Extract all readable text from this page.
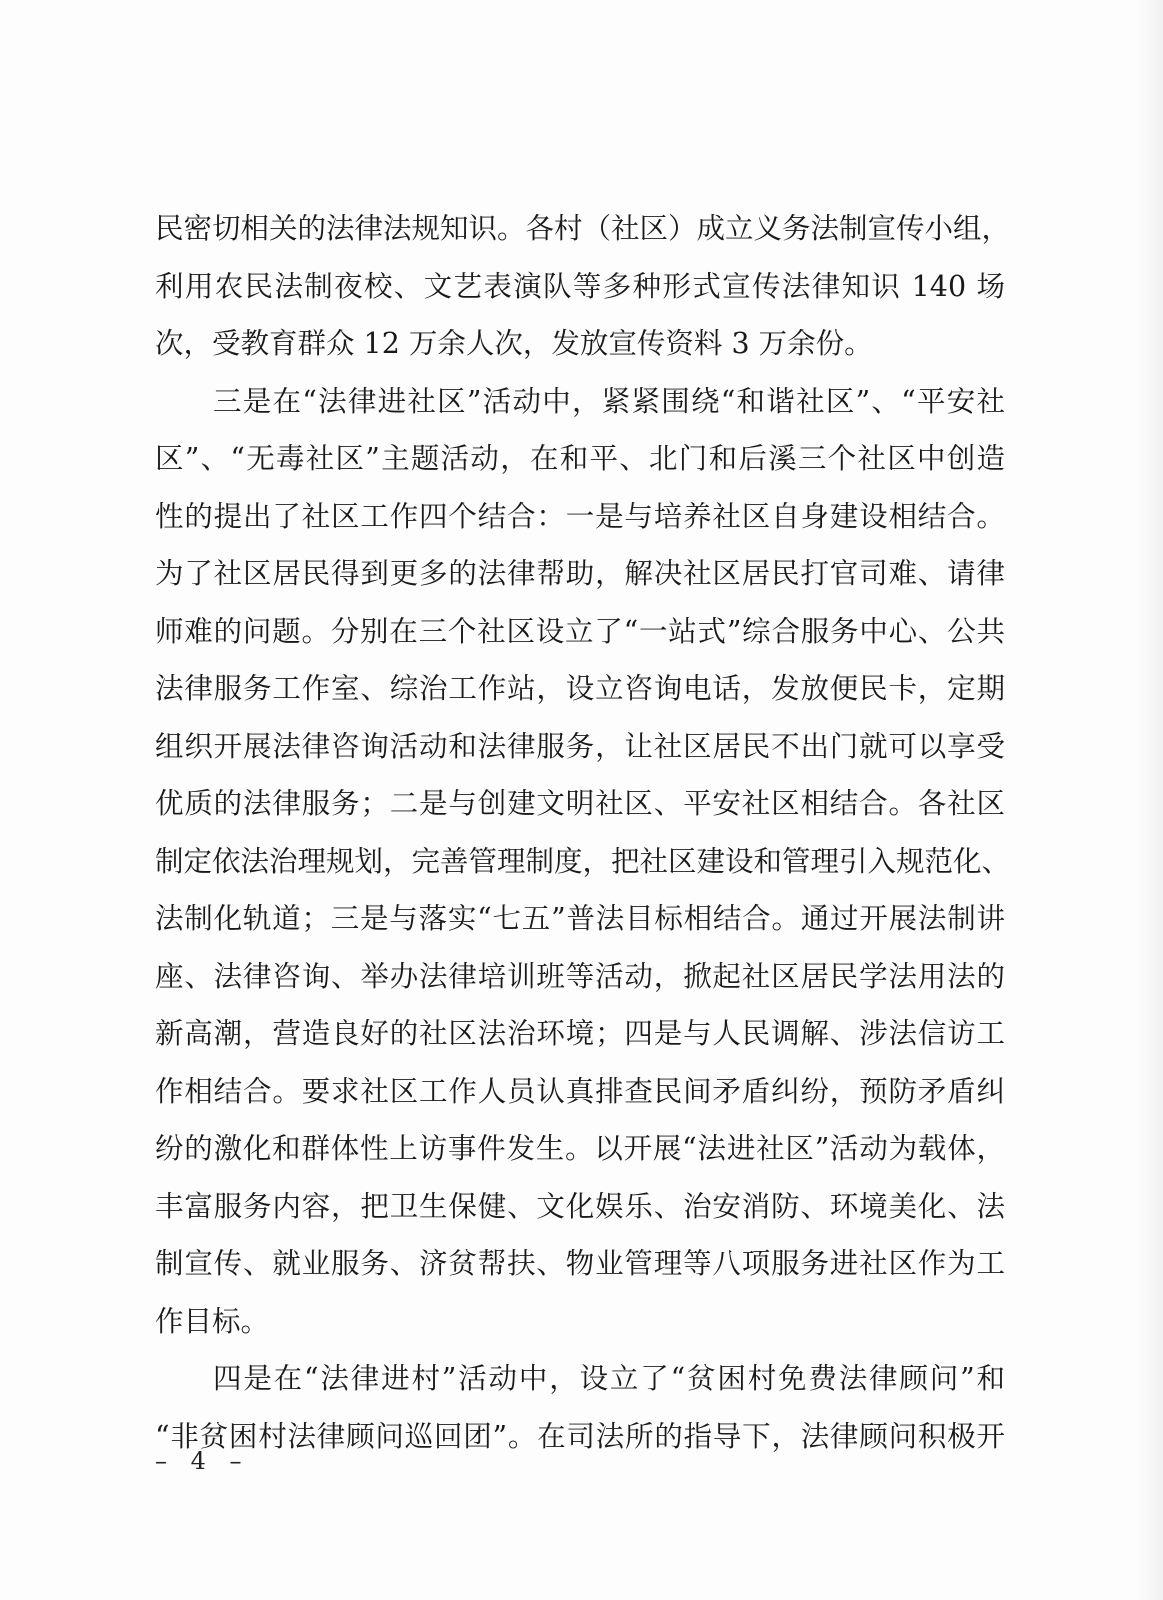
民密切相关的法律法规知识。各村（社区）成立义务法制宣传小组，
利用农民法制夜校、文艺表演队等多种形式宣传法律知识 140 场
次，受教育群众 12 万余人次，发放宣传资料 3 万余份。
三是在“法律进社区”活动中，紧紧围绕“和谐社区”、“平安社
区”、“无毒社区”主题活动，在和平、北门和后溪三个社区中创造
性的提出了社区工作四个结合：一是与培养社区自身建设相结合。
为了社区居民得到更多的法律帮助，解决社区居民打官司难、请律
师难的问题。分别在三个社区设立了“一站式”综合服务中心、公共
法律服务工作室、综治工作站，设立咨询电话，发放便民卡，定期
组织开展法律咨询活动和法律服务，让社区居民不出门就可以享受
优质的法律服务；二是与创建文明社区、平安社区相结合。各社区
制定依法治理规划，完善管理制度，把社区建设和管理引入规范化、
法制化轨道；三是与落实“七五”普法目标相结合。通过开展法制讲
座、法律咨询、举办法律培训班等活动，掀起社区居民学法用法的
新高潮，营造良好的社区法治环境；四是与人民调解、涉法信访工
作相结合。要求社区工作人员认真排查民间矛盾纠纷，预防矛盾纠
纷的激化和群体性上访事件发生。以开展“法进社区”活动为载体，
丰富服务内容，把卫生保健、文化娱乐、治安消防、环境美化、法
制宣传、就业服务、济贫帮扶、物业管理等八项服务进社区作为工
作目标。
四是在“法律进村”活动中，设立了“贫困村免费法律顾问”和
“非贫困村法律顾问巡回团”。在司法所的指导下，法律顾问积极开
– 4 –
